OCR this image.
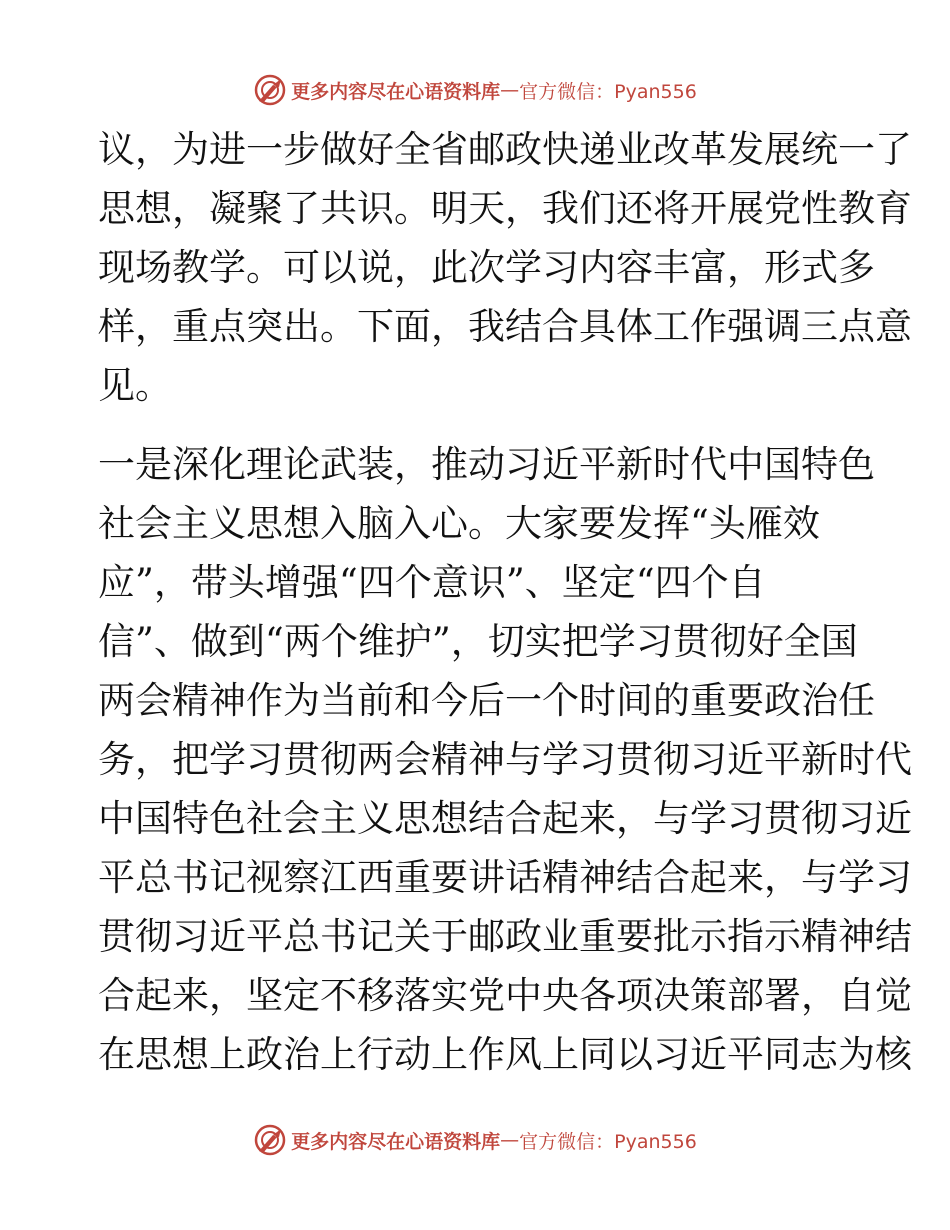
更多内容尽在心语资料库 — 官方微信：Pyan556

议，为进一步做好全省邮政快递业改革发展统一了
思想，凝聚了共识。明天，我们还将开展党性教育
现场教学。可以说，此次学习内容丰富，形式多
样，重点突出。下面，我结合具体工作强调三点意
见。

一是深化理论武装，推动习近平新时代中国特色
社会主义思想入脑入心。大家要发挥“头雁效
应”，带头增强“四个意识”、坚定“四个自
信”、做到“两个维护”，切实把学习贯彻好全国
两会精神作为当前和今后一个时间的重要政治任
务，把学习贯彻两会精神与学习贯彻习近平新时代
中国特色社会主义思想结合起来，与学习贯彻习近
平总书记视察江西重要讲话精神结合起来，与学习
贯彻习近平总书记关于邮政业重要批示指示精神结
合起来，坚定不移落实党中央各项决策部署，自觉
在思想上政治上行动上作风上同以习近平同志为核

更多内容尽在心语资料库 — 官方微信：Pyan556
